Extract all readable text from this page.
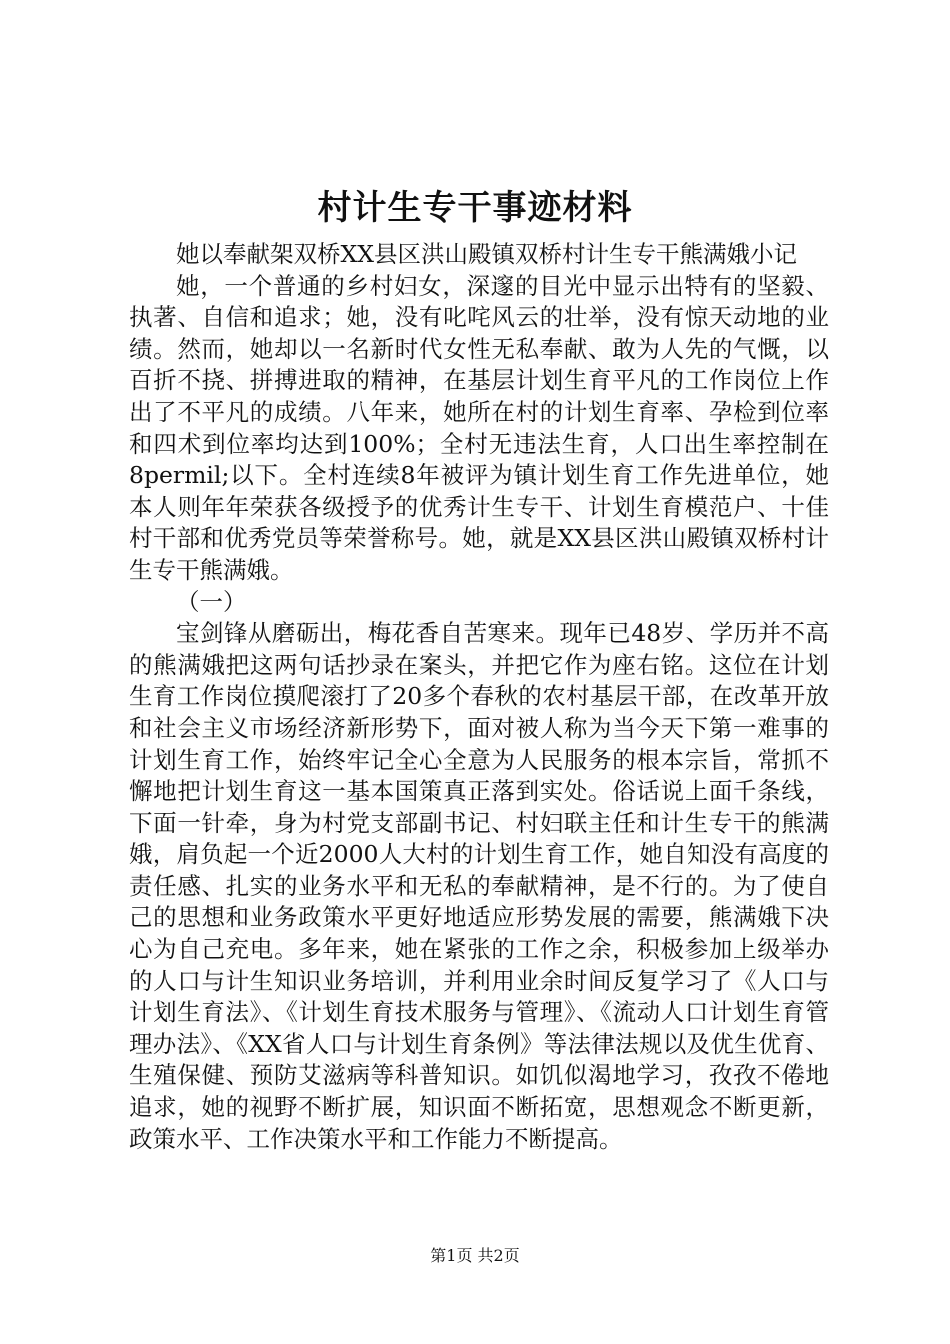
村计生专干事迹材料

她以奉献架双桥XX县区洪山殿镇双桥村计生专干熊满娥小记

她，一个普通的乡村妇女，深邃的目光中显示出特有的坚毅、执著、自信和追求；她，没有叱咤风云的壮举，没有惊天动地的业绩。然而，她却以一名新时代女性无私奉献、敢为人先的气慨，以百折不挠、拼搏进取的精神，在基层计划生育平凡的工作岗位上作出了不平凡的成绩。八年来，她所在村的计划生育率、孕检到位率和四术到位率均达到100%；全村无违法生育，人口出生率控制在8permil;以下。全村连续8年被评为镇计划生育工作先进单位，她本人则年年荣获各级授予的优秀计生专干、计划生育模范户、十佳村干部和优秀党员等荣誉称号。她，就是XX县区洪山殿镇双桥村计生专干熊满娥。

（一）

宝剑锋从磨砺出，梅花香自苦寒来。现年已48岁、学历并不高的熊满娥把这两句话抄录在案头，并把它作为座右铭。这位在计划生育工作岗位摸爬滚打了20多个春秋的农村基层干部，在改革开放和社会主义市场经济新形势下，面对被人称为当今天下第一难事的计划生育工作，始终牢记全心全意为人民服务的根本宗旨，常抓不懈地把计划生育这一基本国策真正落到实处。俗话说上面千条线，下面一针牵，身为村党支部副书记、村妇联主任和计生专干的熊满娥，肩负起一个近2000人大村的计划生育工作，她自知没有高度的责任感、扎实的业务水平和无私的奉献精神，是不行的。为了使自己的思想和业务政策水平更好地适应形势发展的需要，熊满娥下决心为自己充电。多年来，她在紧张的工作之余，积极参加上级举办的人口与计生知识业务培训，并利用业余时间反复学习了《人口与计划生育法》、《计划生育技术服务与管理》、《流动人口计划生育管理办法》、《XX省人口与计划生育条例》等法律法规以及优生优育、生殖保健、预防艾滋病等科普知识。如饥似渴地学习，孜孜不倦地追求，她的视野不断扩展，知识面不断拓宽，思想观念不断更新，政策水平、工作决策水平和工作能力不断提高。

第1页 共2页
